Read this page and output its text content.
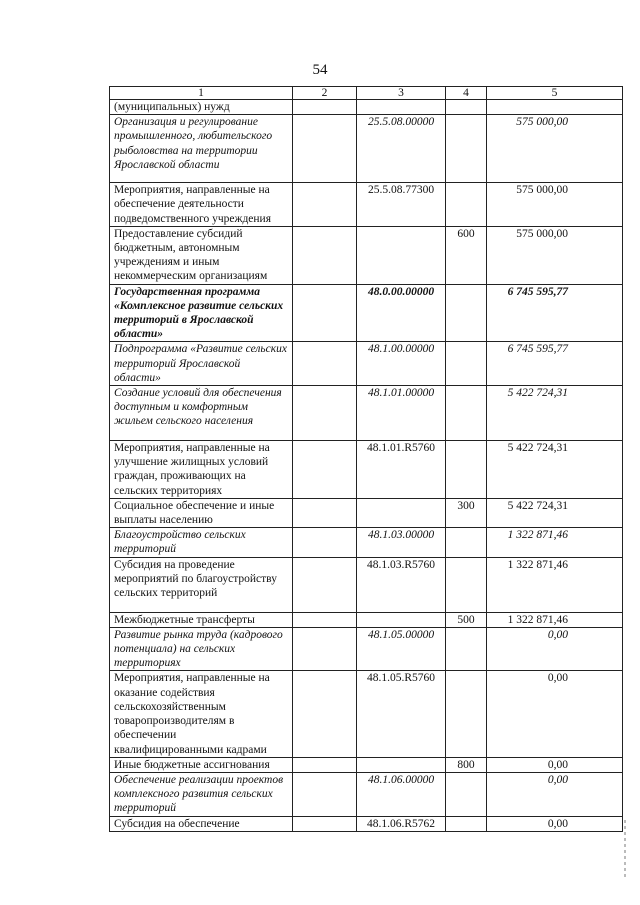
54
1	2	3	4	5
(муниципальных) нужд				
Организация и регулирование промышленного, любительского рыболовства на территории Ярославской области		25.5.08.00000		575 000,00
Мероприятия, направленные на обеспечение деятельности подведомственного учреждения		25.5.08.77300		575 000,00
Предоставление субсидий бюджетным, автономным учреждениям и иным некоммерческим организациям			600	575 000,00
Государственная программа «Комплексное развитие сельских территорий в Ярославской области»		48.0.00.00000		6 745 595,77
Подпрограмма «Развитие сельских территорий Ярославской области»		48.1.00.00000		6 745 595,77
Создание условий для обеспечения доступным и комфортным жильем сельского населения		48.1.01.00000		5 422 724,31
Мероприятия, направленные на улучшение жилищных условий граждан, проживающих на сельских территориях		48.1.01.R5760		5 422 724,31
Социальное обеспечение и иные выплаты населению			300	5 422 724,31
Благоустройство сельских территорий		48.1.03.00000		1 322 871,46
Субсидия на проведение мероприятий по благоустройству сельских территорий		48.1.03.R5760		1 322 871,46
Межбюджетные трансферты			500	1 322 871,46
Развитие рынка труда (кадрового потенциала) на сельских территориях		48.1.05.00000		0,00
Мероприятия, направленные на оказание содействия сельскохозяйственным товаропроизводителям в обеспечении квалифицированными кадрами		48.1.05.R5760		0,00
Иные бюджетные ассигнования			800	0,00
Обеспечение реализации проектов комплексного развития сельских территорий		48.1.06.00000		0,00
Субсидия на обеспечение		48.1.06.R5762		0,00
